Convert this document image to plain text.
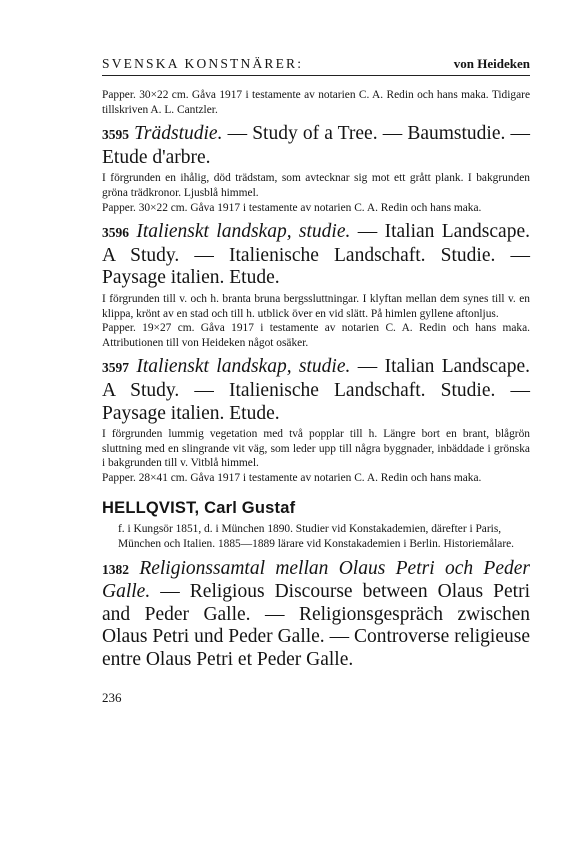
SVENSKA KONSTNÄRER:	von Heideken

Papper. 30×22 cm. Gåva 1917 i testamente av notarien C. A. Redin och hans maka. Tidigare tillskriven A. L. Cantzler.

3595 Trädstudie. — Study of a Tree. — Baumstudie. — Etude d'arbre.

I förgrunden en ihålig, död trädstam, som avtecknar sig mot ett grått plank. I bakgrunden gröna trädkronor. Ljusblå himmel.

Papper. 30×22 cm. Gåva 1917 i testamente av notarien C. A. Redin och hans maka.

3596 Italienskt landskap, studie. — Italian Landscape. A Study. — Italienische Landschaft. Studie. — Paysage italien. Etude.

I förgrunden till v. och h. branta bruna bergssluttningar. I klyftan mellan dem synes till v. en klippa, krönt av en stad och till h. utblick över en vid slätt. På himlen gyllene aftonljus.

Papper. 19×27 cm. Gåva 1917 i testamente av notarien C. A. Redin och hans maka. Attributionen till von Heideken något osäker.

3597 Italienskt landskap, studie. — Italian Landscape. A Study. — Italienische Landschaft. Studie. — Paysage italien. Etude.

I förgrunden lummig vegetation med två popplar till h. Längre bort en brant, blågrön sluttning med en slingrande vit väg, som leder upp till några byggnader, inbäddade i grönska i bakgrunden till v. Vitblå himmel.

Papper. 28×41 cm. Gåva 1917 i testamente av notarien C. A. Redin och hans maka.

HELLQVIST, Carl Gustaf

f. i Kungsör 1851, d. i München 1890. Studier vid Konstakademien, därefter i Paris, München och Italien. 1885—1889 lärare vid Konstakademien i Berlin. Historiemålare.

1382 Religionssamtal mellan Olaus Petri och Peder Galle. — Religious Discourse between Olaus Petri and Peder Galle. — Religionsgespräch zwischen Olaus Petri und Peder Galle. — Controverse religieuse entre Olaus Petri et Peder Galle.

236
